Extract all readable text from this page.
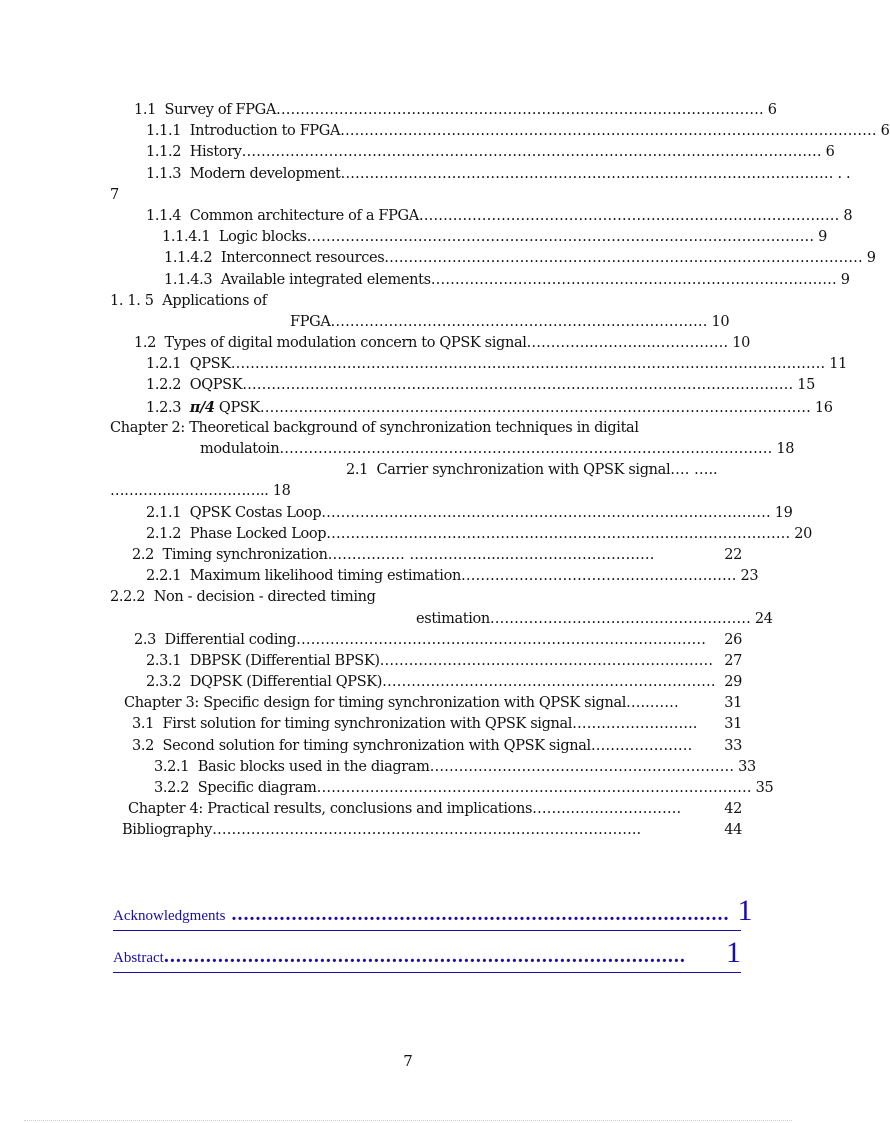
1.1 Survey of FPGA ……………………………..………………………………………………………… 6
1.1.1 Introduction to FPGA ………………………………………………………………………………………………… 6
1.1.2 History ………………………………………………………………………………………………………… 6
1.1.3 Modern development ………………………………………………………………………………………… . .
7
1.1.4 Common architecture of a FPGA …………………………………………………………………………… 8
1.1.4.1 Logic blocks …………………………………………………………………………………………… 9
1.1.4.2 Interconnect resources ……………………………………………………………………………………… 9
1.1.4.3 Available integrated elements ………………………………………………………………………… 9
1. 1. 5 Applications of
FPGA …………………………………………………………………… 10
1.2 Types of digital modulation concern to QPSK signal …………..………....…………… 10
1.2.1 QPSK …………………………………………………………………………………………………………… 11
1.2.2 OQPSK …………………………………………………………………………………………………… 15
1.2.3 π/4 QPSK …………………………………………………………………………………………………… 16
Chapter 2: Theoretical background of synchronization techniques in digital
modulatoin ………………………………………………………………………………………… 18
2.1 Carrier synchronization with QPSK signal …. …..
…………..……………….. 18
2.1.1 QPSK Costas Loop ………………………………………………………………………………… 19
2.1.2 Phase Locked Loop …………………………………………………………………………………… 20
2.2 Timing synchronization ……………. ……………......…………………………	22
2.2.1 Maximum likelihood timing estimation ………………………………………………… 23
2.2.2 Non - decision - directed timing
estimation ……………………………………………… 24
2.3 Differential coding ………………………………....………………………………………	26
2.3.1 DBPSK (Differential BPSK) …………………………………………………………… 27
2.3.2 DQPSK (Differential QPSK) …………………………………………………………… 29
Chapter 3: Specific design for timing synchronization with QPSK signal …..……	31
3.1 First solution for timing synchronization with QPSK signal ……………………..	31
3.2 Second solution for timing synchronization with QPSK signal …………………	33
3.2.1 Basic blocks used in the diagram ……………………………………………………… 33
3.2.2 Specific diagram ……………………………………………………………………………… 35
Chapter 4: Practical results, conclusions and implications ……...………………….	42
Bibliography ……………………………………………………...……………………..	44
Acknowledgments ................................................................................... 1
Abstract .......................................................................................	1
7
